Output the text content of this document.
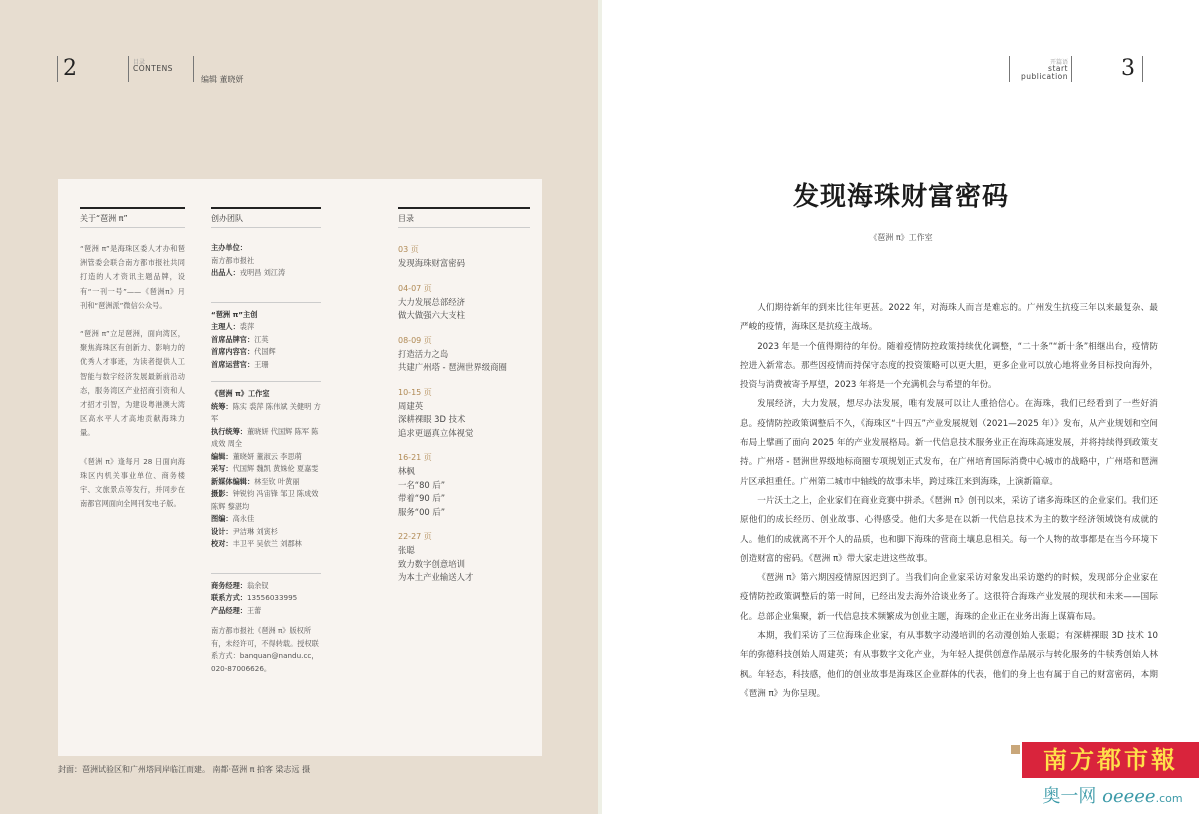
2	目录
CONTENS
编辑 董晓妍
关于“琶洲 π”
“琶洲 π”是海珠区委人才办和琶洲管委会联合南方都市报社共同打造的人才资讯主题品牌，设有“一刊一号”——《琶洲π》月刊和“琶洲派”微信公众号。
“琶洲 π”立足琶洲，面向湾区，聚焦海珠区有创新力、影响力的优秀人才事迹，为读者提供人工智能与数字经济发展最新前沿动态，服务湾区产业招商引资和人才招才引智，为建设粤港澳大湾区高水平人才高地贡献海珠力量。
《琶洲 π》逢每月 28 日面向海珠区内机关事业单位、商务楼宇、文旅景点等发行，并同步在南都官网面向全网刊发电子版。
创办团队
主办单位：
南方都市报社
出品人：戎明昌 刘江涛
“琶洲 π”主创
主理人：裘萍
首席品牌官：江英
首席内容官：代国辉
首席运营官：王珊
《琶洲 π》工作室
统筹：陈实 裘萍 陈伟斌 关健明 方军
执行统筹：董晓妍 代国辉 陈军 陈成效 周全
编辑：董晓妍 董淑云 李思萌
采写：代国辉 魏凯 黄姝伦 夏嘉雯
新媒体编辑：林至钦 叶黄丽
摄影：钟锐钧 冯宙锋 邹卫 陈成效 陈辉 黎湛均
图编：高永佳
设计：尹洁琳 刘寅杉
校对：丰卫平 吴依兰 刘郡林
商务经理：翁余钗
联系方式：13556033995
产品经理：王蕾
南方都市报社《琶洲 π》版权所有，未经许可，不得转载。授权联系方式：banquan@nandu.cc，020-87006626。
目录
03 页
发现海珠财富密码
04-07 页
大力发展总部经济
做大做强六大支柱
08-09 页
打造活力之岛
共建广州塔 - 琶洲世界级商圈
10-15 页
周建英
深耕裸眼 3D 技术
追求更逼真立体视觉
16-21 页
林枫
一名“80 后”
带着“90 后”
服务“00 后”
22-27 页
张聪
致力数字创意培训
为本土产业输送人才
封面：琶洲试验区和广州塔同岸临江而建。 南都·琶洲 π 拍客 梁志远 摄
开篇语
start
publication 3
发现海珠财富密码
《琶洲 π》工作室

人们期待新年的到来比往年更甚。2022 年，对海珠人而言是难忘的。广州发生抗疫三年以来最复杂、最严峻的疫情，海珠区是抗疫主战场。

2023 年是一个值得期待的年份。随着疫情防控政策持续优化调整，“二十条”“新十条”相继出台，疫情防控进入新常态。那些因疫情而持保守态度的投资策略可以更大胆，更多企业可以放心地将业务目标投向海外，投资与消费被寄予厚望，2023 年将是一个充满机会与希望的年份。

发展经济，大力发展，想尽办法发展，唯有发展可以让人重拾信心。在海珠，我们已经看到了一些好消息。疫情防控政策调整后不久，《海珠区“十四五”产业发展规划（2021—2025 年）》发布，从产业规划和空间布局上擘画了面向 2025 年的产业发展格局。新一代信息技术服务业正在海珠高速发展，并将持续得到政策支持。广州塔 - 琶洲世界级地标商圈专项规划正式发布，在广州培育国际消费中心城市的战略中，广州塔和琶洲片区承担重任。广州第二城市中轴线的故事未毕，跨过珠江来到海珠，上演新篇章。

一片沃土之上，企业家们在商业竞赛中拼杀。《琶洲 π》创刊以来，采访了诸多海珠区的企业家们。我们还原他们的成长经历、创业故事、心得感受。他们大多是在以新一代信息技术为主的数字经济领域饶有成就的人。他们的成就离不开个人的品质，也和脚下海珠的营商土壤息息相关。每一个人物的故事都是在当今环境下创造财富的密码。《琶洲 π》带大家走进这些故事。

《琶洲 π》第六期因疫情原因迟到了。当我们向企业家采访对象发出采访邀约的时候，发现部分企业家在疫情防控政策调整后的第一时间，已经出发去海外洽谈业务了。这很符合海珠产业发展的现状和未来——国际化。总部企业集聚，新一代信息技术频繁成为创业主题，海珠的企业正在业务出海上谋篇布局。

本期，我们采访了三位海珠企业家，有从事数字动漫培训的名动漫创始人张聪；有深耕裸眼 3D 技术 10 年的弥德科技创始人周建英；有从事数字文化产业，为年轻人提供创意作品展示与转化服务的牛犊秀创始人林枫。年轻态，科技感，他们的创业故事是海珠区企业群体的代表，他们的身上也有属于自己的财富密码，本期《琶洲 π》为你呈现。

南方都市報
奥一网 oeeee.com
